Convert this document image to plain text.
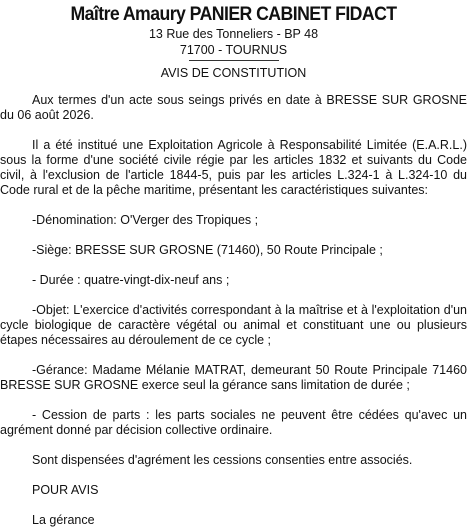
Maître Amaury PANIER CABINET FIDACT
13 Rue des Tonneliers - BP 48
71700 - TOURNUS
AVIS DE CONSTITUTION

Aux termes d'un acte sous seings privés en date à BRESSE SUR GROSNE du 06 août 2026.

Il a été institué une Exploitation Agricole à Responsabilité Limitée (E.A.R.L.) sous la forme d'une société civile régie par les articles 1832 et suivants du Code civil, à l'exclusion de l'article 1844-5, puis par les articles L.324-1 à L.324-10 du Code rural et de la pêche maritime, présentant les caractéristiques suivantes:

-Dénomination: O'Verger des Tropiques ;

-Siège: BRESSE SUR GROSNE (71460), 50 Route Principale ;

- Durée : quatre-vingt-dix-neuf ans ;

-Objet: L'exercice d'activités correspondant à la maîtrise et à l'exploitation d'un cycle biologique de caractère végétal ou animal et constituant une ou plusieurs étapes nécessaires au déroulement de ce cycle ;

-Gérance: Madame Mélanie MATRAT, demeurant 50 Route Principale 71460 BRESSE SUR GROSNE exerce seul la gérance sans limitation de durée ;

- Cession de parts : les parts sociales ne peuvent être cédées qu'avec un agrément donné par décision collective ordinaire.

Sont dispensées d'agrément les cessions consenties entre associés.

POUR AVIS

La gérance
